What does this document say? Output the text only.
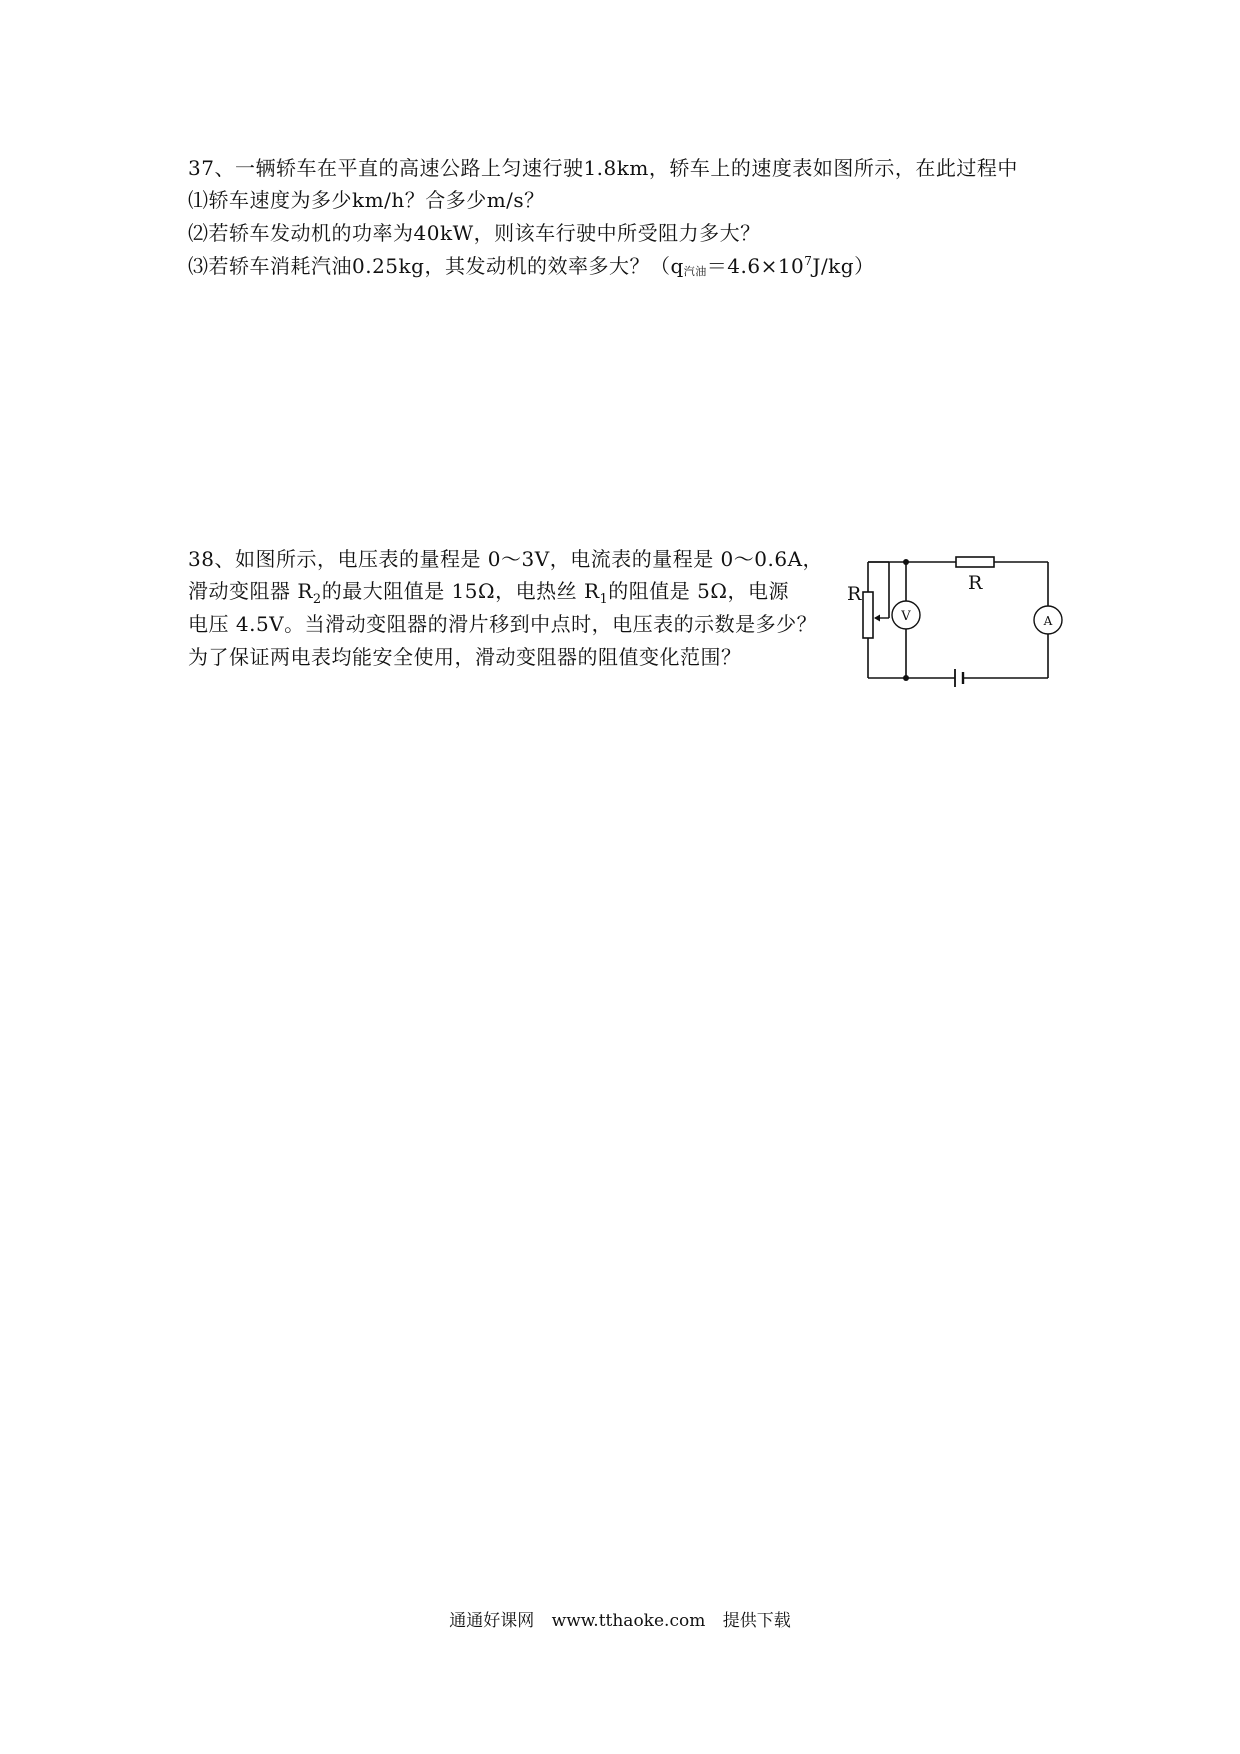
37、一辆轿车在平直的高速公路上匀速行驶1.8km，轿车上的速度表如图所示，在此过程中
⑴轿车速度为多少km/h？合多少m/s？
⑵若轿车发动机的功率为40kW，则该车行驶中所受阻力多大？
⑶若轿车消耗汽油0.25kg，其发动机的效率多大？（q汽油$=4.6\times 10^7J/kg$）
38、如图所示，电压表的量程是 0～3V，电流表的量程是 0～0.6A，
滑动变阻器 $R_2$的最大阻值是 15Ω，电热丝 $R_1$的阻值是 5Ω，电源
电压 4.5V。当滑动变阻器的滑片移到中点时，电压表的示数是多少？
为了保证两电表均能安全使用，滑动变阻器的阻值变化范围？
V	A
R	R
通通好课网 www.tthaoke.com 提供下载
